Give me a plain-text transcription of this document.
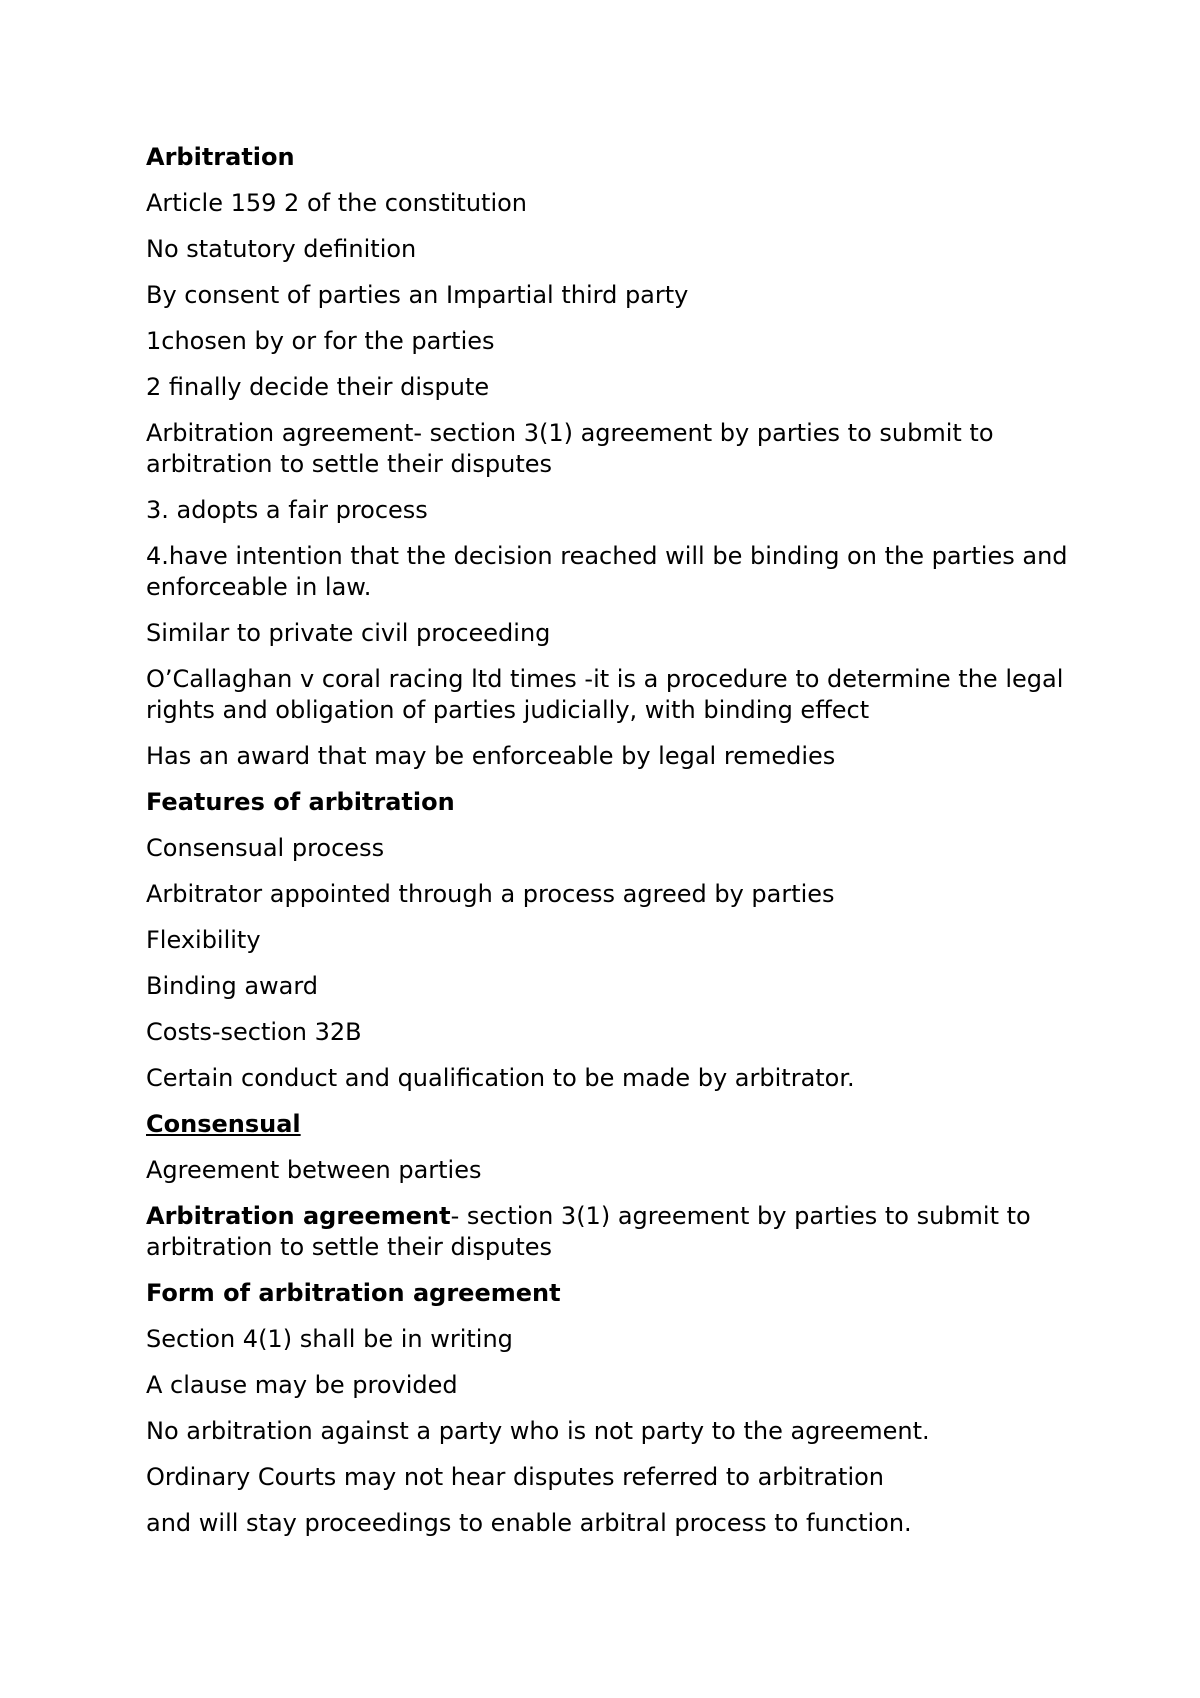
Arbitration

Article 159 2 of the constitution

No statutory definition

By consent of parties an Impartial third party

1chosen by or for the parties

2 finally decide their dispute

Arbitration agreement- section 3(1) agreement by parties to submit to arbitration to settle their disputes

3. adopts a fair process

4.have intention that the decision reached will be binding on the parties and enforceable in law.

Similar to private civil proceeding

O’Callaghan v coral racing ltd times -it is a procedure to determine the legal rights and obligation of parties judicially, with binding effect

Has an award that may be enforceable by legal remedies

Features of arbitration

Consensual process

Arbitrator appointed through a process agreed by parties

Flexibility

Binding award

Costs-section 32B

Certain conduct and qualification to be made by arbitrator.

Consensual

Agreement between parties

Arbitration agreement- section 3(1) agreement by parties to submit to arbitration to settle their disputes

Form of arbitration agreement

Section 4(1) shall be in writing

A clause may be provided

No arbitration against a party who is not party to the agreement.

Ordinary Courts may not hear disputes referred to arbitration

and will stay proceedings to enable arbitral process to function.
